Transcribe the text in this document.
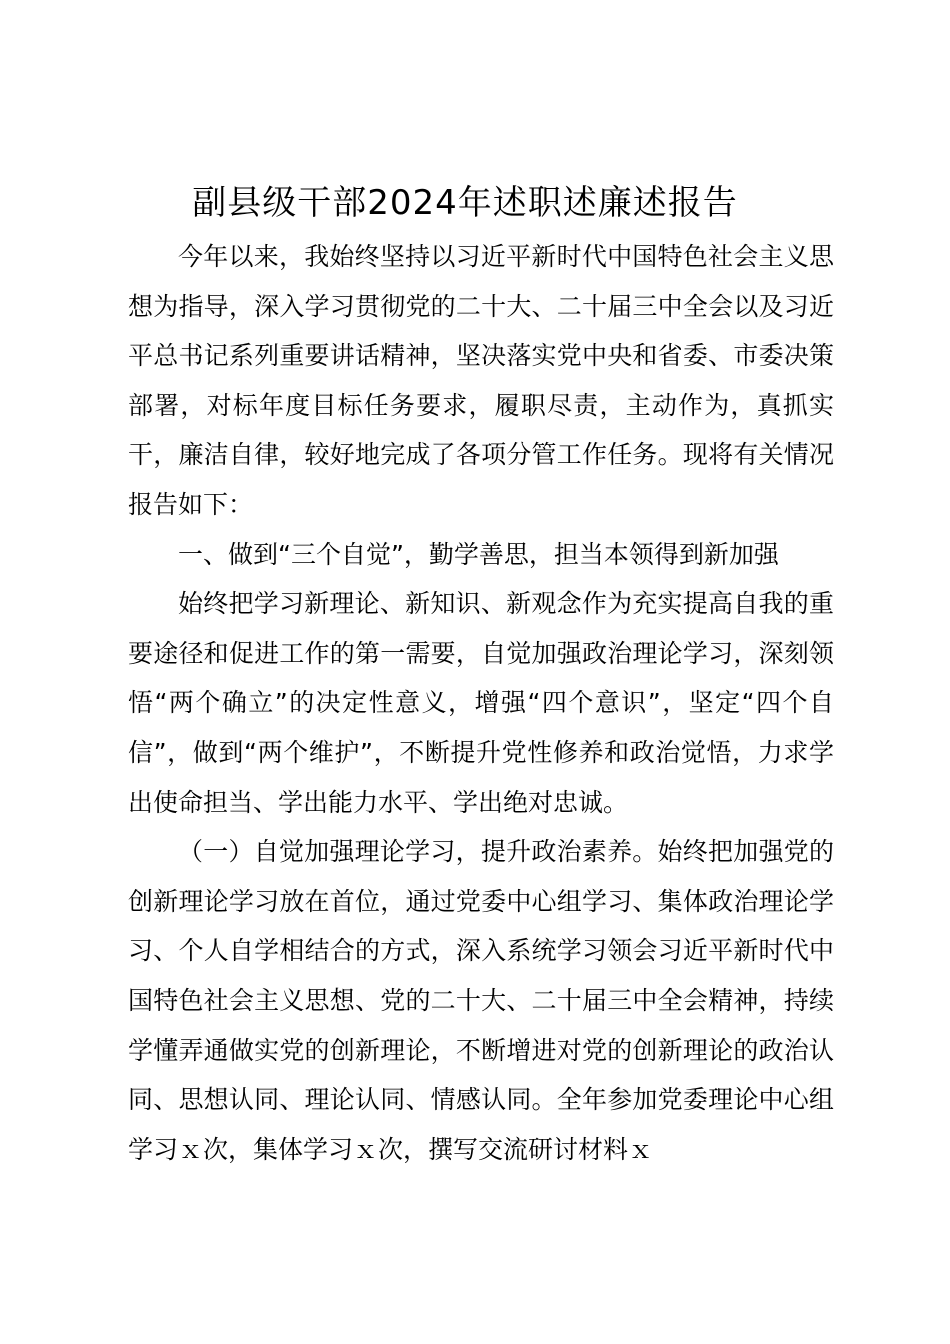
副县级干部2024年述职述廉述报告

今年以来，我始终坚持以习近平新时代中国特色社会主义思想为指导，深入学习贯彻党的二十大、二十届三中全会以及习近平总书记系列重要讲话精神，坚决落实党中央和省委、市委决策部署，对标年度目标任务要求，履职尽责，主动作为，真抓实干，廉洁自律，较好地完成了各项分管工作任务。现将有关情况报告如下：

一、做到“三个自觉”，勤学善思，担当本领得到新加强

始终把学习新理论、新知识、新观念作为充实提高自我的重要途径和促进工作的第一需要，自觉加强政治理论学习，深刻领悟“两个确立”的决定性意义，增强“四个意识”，坚定“四个自信”，做到“两个维护”，不断提升党性修养和政治觉悟，力求学出使命担当、学出能力水平、学出绝对忠诚。

（一）自觉加强理论学习，提升政治素养。始终把加强党的创新理论学习放在首位，通过党委中心组学习、集体政治理论学习、个人自学相结合的方式，深入系统学习领会习近平新时代中国特色社会主义思想、党的二十大、二十届三中全会精神，持续学懂弄通做实党的创新理论，不断增进对党的创新理论的政治认同、思想认同、理论认同、情感认同。全年参加党委理论中心组学习ｘ次，集体学习ｘ次，撰写交流研讨材料ｘ
